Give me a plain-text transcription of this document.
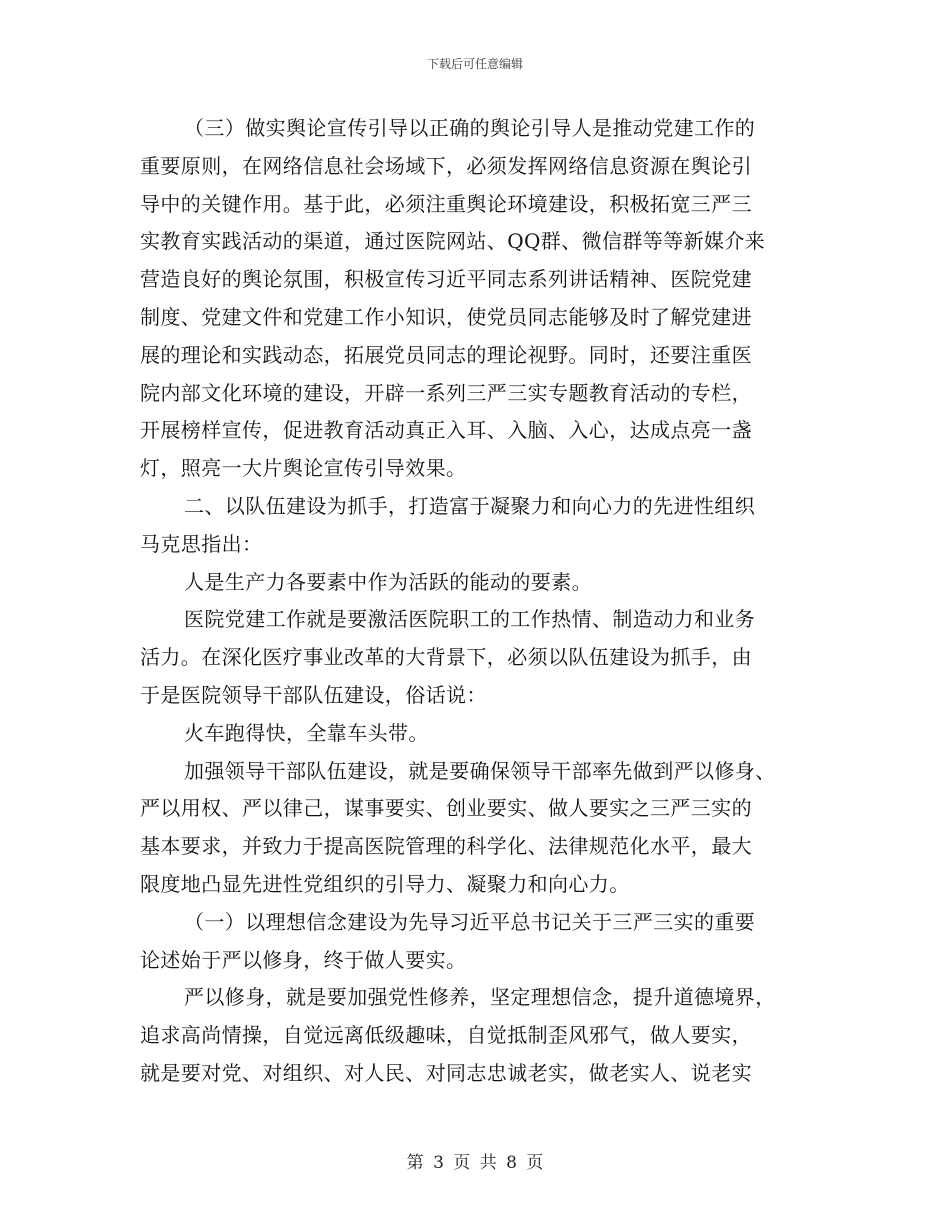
下载后可任意编辑
（三）做实舆论宣传引导以正确的舆论引导人是推动党建工作的
重要原则，在网络信息社会场域下，必须发挥网络信息资源在舆论引
导中的关键作用。基于此，必须注重舆论环境建设，积极拓宽三严三
实教育实践活动的渠道，通过医院网站、QQ群、微信群等等新媒介来
营造良好的舆论氛围，积极宣传习近平同志系列讲话精神、医院党建
制度、党建文件和党建工作小知识，使党员同志能够及时了解党建进
展的理论和实践动态，拓展党员同志的理论视野。同时，还要注重医
院内部文化环境的建设，开辟一系列三严三实专题教育活动的专栏，
开展榜样宣传，促进教育活动真正入耳、入脑、入心，达成点亮一盏
灯，照亮一大片舆论宣传引导效果。
二、以队伍建设为抓手，打造富于凝聚力和向心力的先进性组织
马克思指出：
人是生产力各要素中作为活跃的能动的要素。
医院党建工作就是要激活医院职工的工作热情、制造动力和业务
活力。在深化医疗事业改革的大背景下，必须以队伍建设为抓手，由
于是医院领导干部队伍建设，俗话说：
火车跑得快，全靠车头带。
加强领导干部队伍建设，就是要确保领导干部率先做到严以修身、
严以用权、严以律己，谋事要实、创业要实、做人要实之三严三实的
基本要求，并致力于提高医院管理的科学化、法律规范化水平，最大
限度地凸显先进性党组织的引导力、凝聚力和向心力。
（一）以理想信念建设为先导习近平总书记关于三严三实的重要
论述始于严以修身，终于做人要实。
严以修身，就是要加强党性修养，坚定理想信念，提升道德境界，
追求高尚情操，自觉远离低级趣味，自觉抵制歪风邪气，做人要实，
就是要对党、对组织、对人民、对同志忠诚老实，做老实人、说老实
第 3 页 共 8 页
